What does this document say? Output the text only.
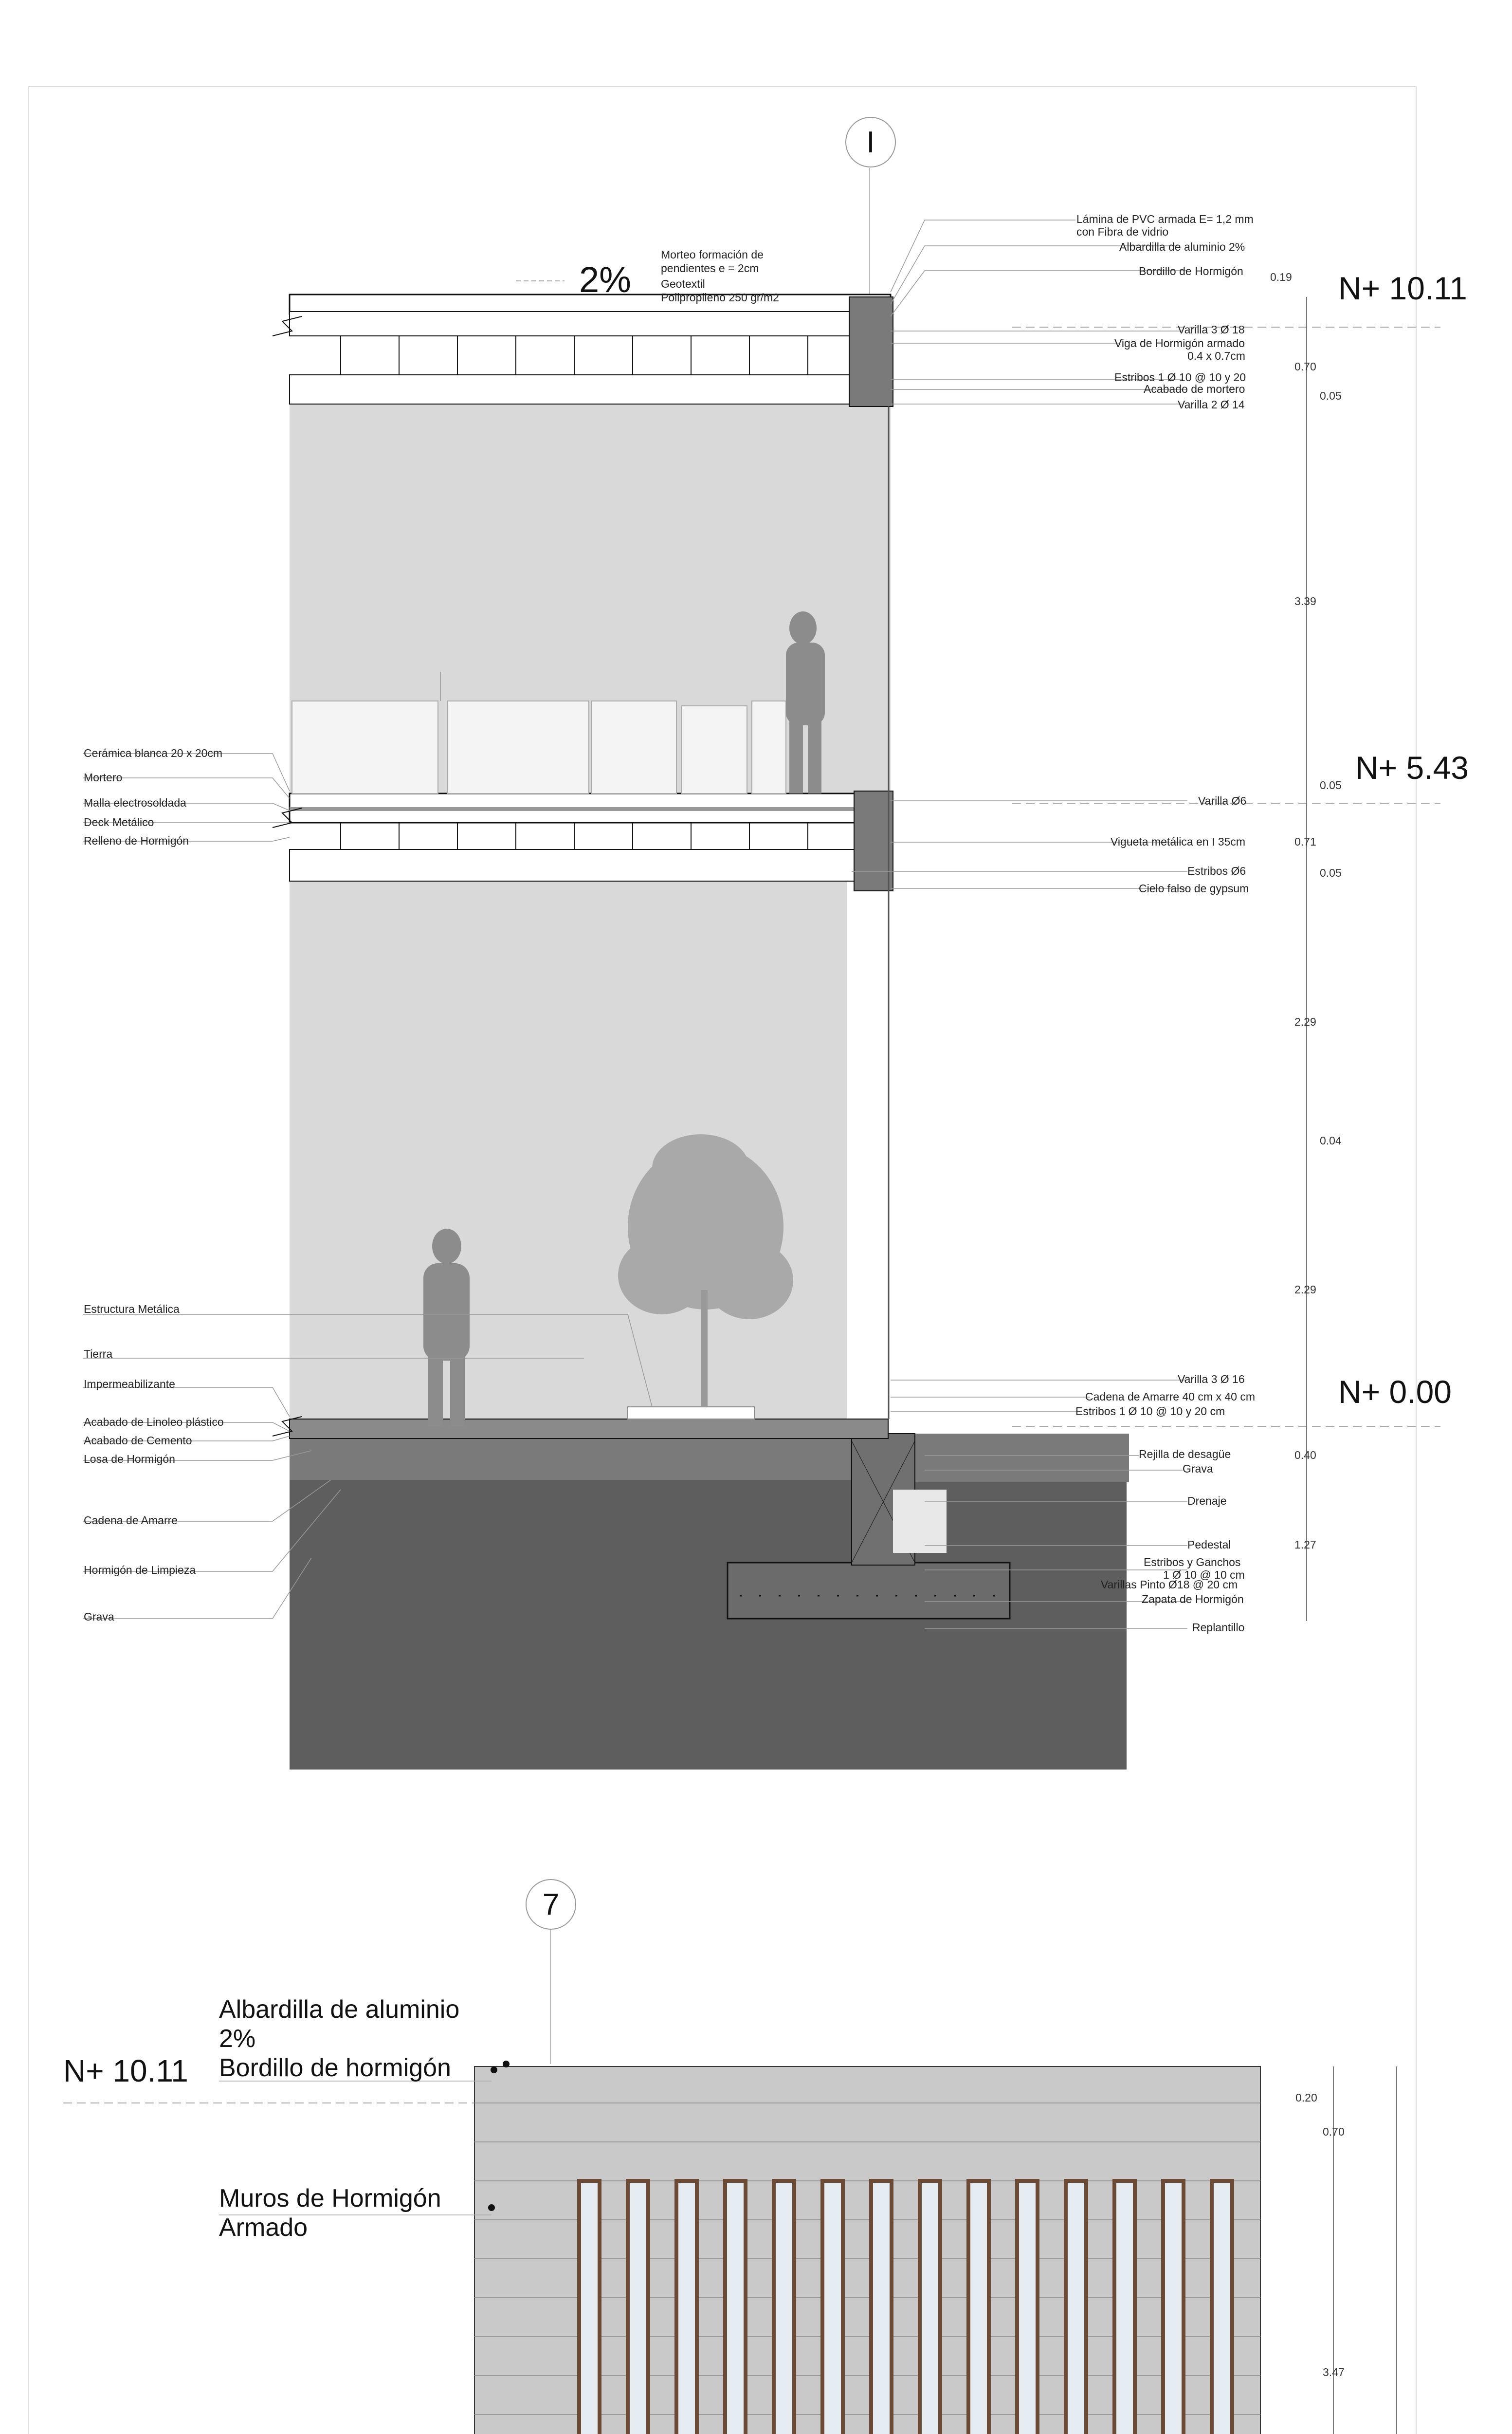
I
2%
Morteo formación de
pendientes e = 2cm
Geotextil
Polipropileno 250 gr/m2	N+ 10.11
N+ 5.43
N+ 0.00
Lámina de PVC armada E= 1,2 mm
con Fibra de vidrio
Albardilla de aluminio 2%
Bordillo de Hormigón
Varilla 3 Ø 18
Viga de Hormigón armado
0.4 x 0.7cm
Estribos 1 Ø 10 @ 10 y 20
Acabado de mortero
Varilla 2 Ø 14
Varilla Ø6
Vigueta metálica en I 35cm
Estribos Ø6
Cielo falso de gypsum
Varilla 3 Ø 16
Cadena de Amarre 40 cm x 40 cm
Estribos 1 Ø 10 @ 10 y 20 cm
Rejilla de desagüe
Grava
Drenaje
Pedestal
Estribos y Ganchos
1 Ø 10 @ 10 cm
Varillas Pinto Ø18 @ 20 cm
Zapata de Hormigón
Replantillo
Cerámica blanca 20 x 20cm
Mortero
Malla electrosoldada
Deck Metálico
Relleno de Hormigón
Estructura Metálica
Tierra
Impermeabilizante
Acabado de Linoleo plástico
Acabado de Cemento
Losa de Hormigón
Cadena de Amarre
Hormigón de Limpieza
Grava
0.19
0.70
0.05
3.39
0.05
0.71
0.05
2.29
0.04
2.29
0.40
1.27
7
N+ 10.11
Albardilla de aluminio
2%
Bordillo de hormigón
Muros de Hormigón
Armado
0.20
0.70
3.47
